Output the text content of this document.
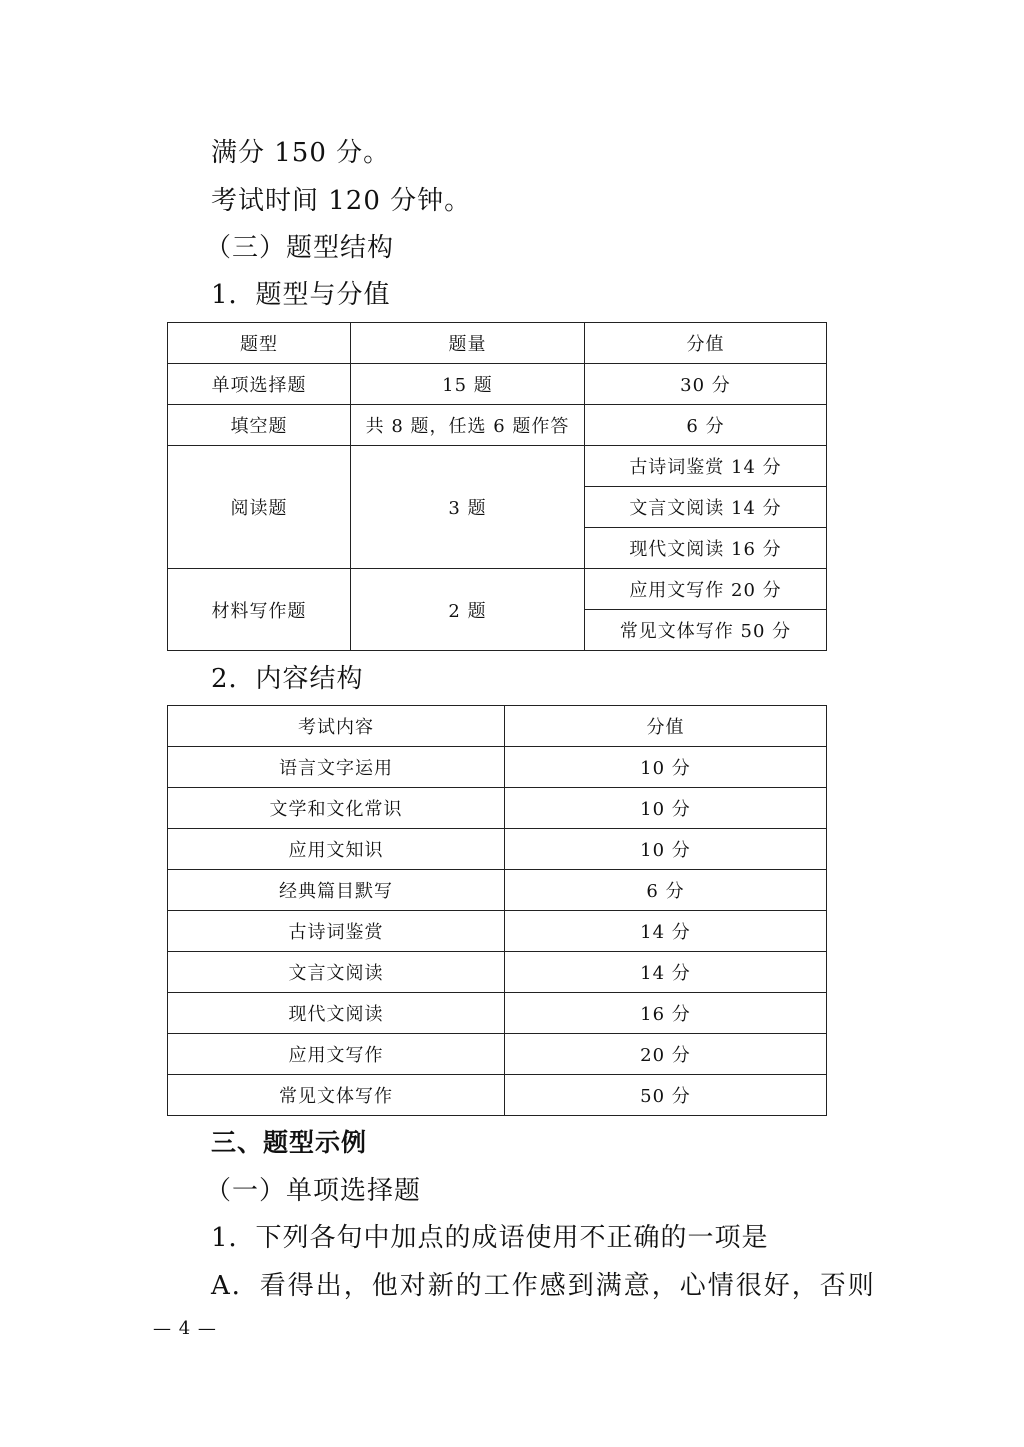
满分 150 分。
考试时间 120 分钟。
（三）题型结构
1．题型与分值
题型	题量	分值
单项选择题	15 题	30 分
填空题	共 8 题，任选 6 题作答	6 分
阅读题	3 题	古诗词鉴赏 14 分
		文言文阅读 14 分
		现代文阅读 16 分
材料写作题	2 题	应用文写作 20 分
		常见文体写作 50 分
2．内容结构
考试内容	分值
语言文字运用	10 分
文学和文化常识	10 分
应用文知识	10 分
经典篇目默写	6 分
古诗词鉴赏	14 分
文言文阅读	14 分
现代文阅读	16 分
应用文写作	20 分
常见文体写作	50 分
三、题型示例
（一）单项选择题
1．下列各句中加点的成语使用不正确的一项是
A．看得出，他对新的工作感到满意，心情很好，否则
— 4 —
